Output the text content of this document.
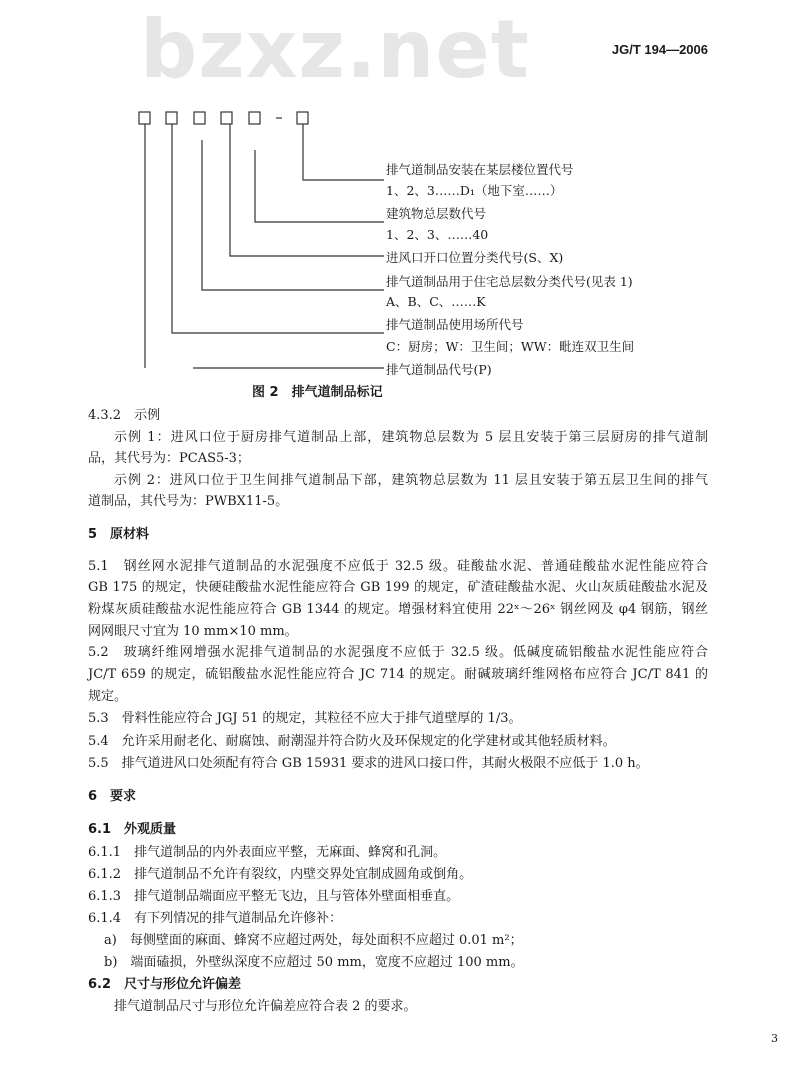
bzxz.net	JG/T 194—2006
排气道制品安装在某层楼位置代号
1、2、3……D₁（地下室……）
建筑物总层数代号
1、2、3、……40
进风口开口位置分类代号(S、X)
排气道制品用于住宅总层数分类代号(见表 1)
A、B、C、……K
排气道制品使用场所代号
C：厨房；W：卫生间；WW：毗连双卫生间
排气道制品代号(P)
图 2　排气道制品标记
4.3.2　示例
示例 1：进风口位于厨房排气道制品上部，建筑物总层数为 5 层且安装于第三层厨房的排气道制
品，其代号为：PCAS5-3；
示例 2：进风口位于卫生间排气道制品下部，建筑物总层数为 11 层且安装于第五层卫生间的排气
道制品，其代号为：PWBX11-5。
5　原材料
5.1　钢丝网水泥排气道制品的水泥强度不应低于 32.5 级。硅酸盐水泥、普通硅酸盐水泥性能应符合
GB 175 的规定，快硬硅酸盐水泥性能应符合 GB 199 的规定，矿渣硅酸盐水泥、火山灰质硅酸盐水泥及
粉煤灰质硅酸盐水泥性能应符合 GB 1344 的规定。增强材料宜使用 22ˣ～26ˣ 钢丝网及 φ4 钢筋，钢丝
网网眼尺寸宜为 10 mm×10 mm。
5.2　玻璃纤维网增强水泥排气道制品的水泥强度不应低于 32.5 级。低碱度硫铝酸盐水泥性能应符合
JC/T 659 的规定，硫铝酸盐水泥性能应符合 JC 714 的规定。耐碱玻璃纤维网格布应符合 JC/T 841 的
规定。
5.3　骨料性能应符合 JGJ 51 的规定，其粒径不应大于排气道壁厚的 1/3。
5.4　允许采用耐老化、耐腐蚀、耐潮湿并符合防火及环保规定的化学建材或其他轻质材料。
5.5　排气道进风口处须配有符合 GB 15931 要求的进风口接口件，其耐火极限不应低于 1.0 h。
6　要求
6.1　外观质量
6.1.1　排气道制品的内外表面应平整，无麻面、蜂窝和孔洞。
6.1.2　排气道制品不允许有裂纹，内壁交界处宜制成圆角或倒角。
6.1.3　排气道制品端面应平整无飞边，且与管体外壁面相垂直。
6.1.4　有下列情况的排气道制品允许修补：
a)　每侧壁面的麻面、蜂窝不应超过两处，每处面积不应超过 0.01 m²；
b)　端面磕损，外壁纵深度不应超过 50 mm，宽度不应超过 100 mm。
6.2　尺寸与形位允许偏差
排气道制品尺寸与形位允许偏差应符合表 2 的要求。
3
